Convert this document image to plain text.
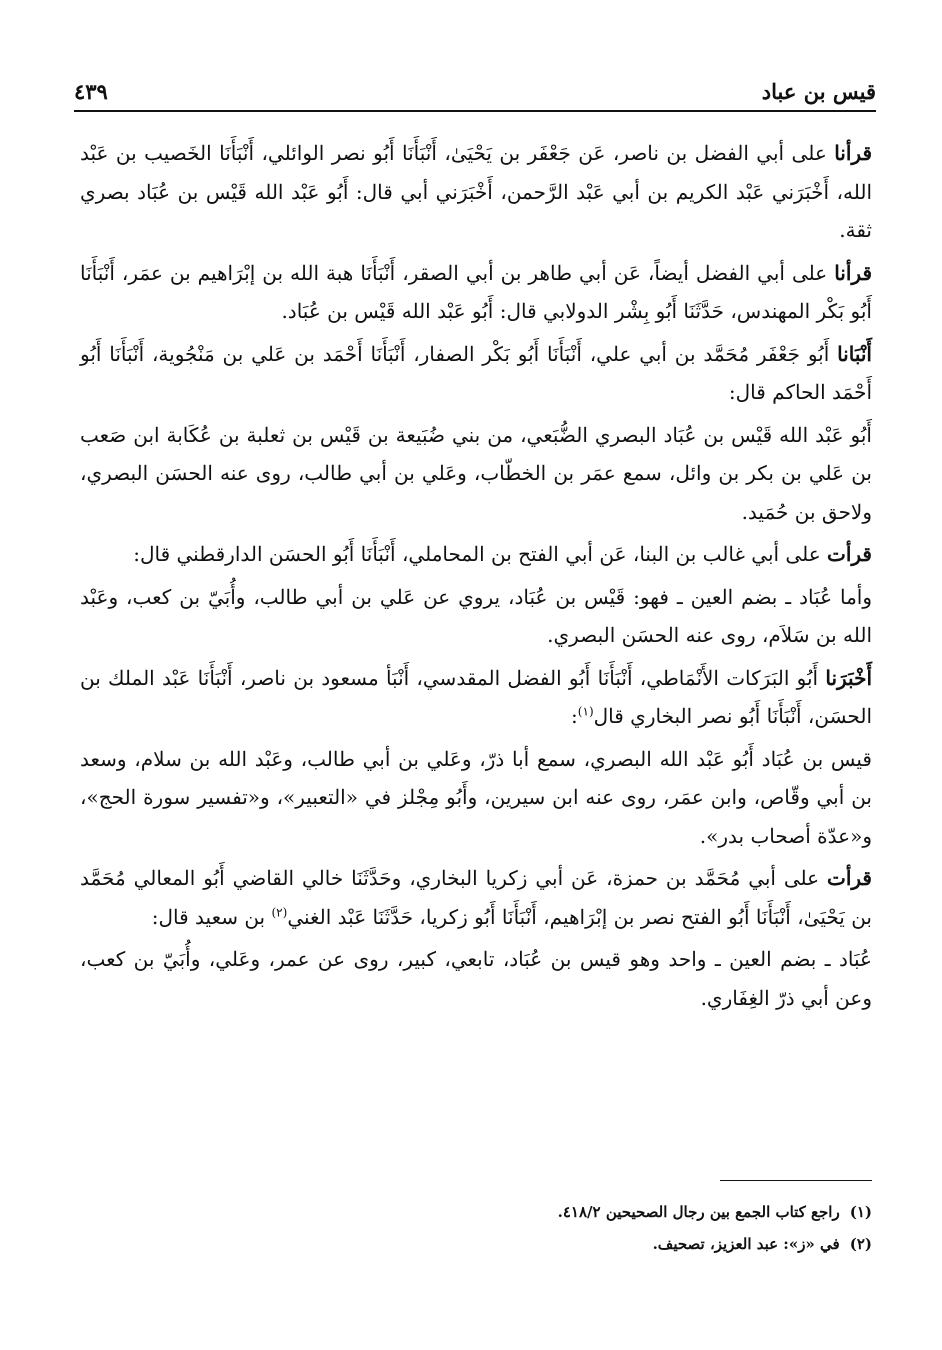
قيس بن عباد
٤٣٩

قرأنا على أبي الفضل بن ناصر، عَن جَعْفَر بن يَحْيَىٰ، أَنْبَأَنَا أَبُو نصر الوائلي، أَنْبَأَنَا الخَصيب بن عَبْد الله، أَخْبَرَني عَبْد الكريم بن أبي عَبْد الرَّحمن، أَخْبَرَني أبي قال: أَبُو عَبْد الله قَيْس بن عُبَاد بصري ثقة.

قرأنا على أبي الفضل أيضاً، عَن أبي طاهر بن أبي الصقر، أَنْبَأَنَا هبة الله بن إبْرَاهيم بن عمَر، أَنْبَأَنَا أَبُو بَكْر المهندس، حَدَّثَنَا أَبُو بِشْر الدولابي قال: أَبُو عَبْد الله قَيْس بن عُبَاد.

أَنْبَانا أَبُو جَعْفَر مُحَمَّد بن أبي علي، أَنْبَأَنَا أَبُو بَكْر الصفار، أَنْبَأَنَا أَحْمَد بن عَلي بن مَنْجُوية، أَنْبَأَنَا أَبُو أَحْمَد الحاكم قال:

أَبُو عَبْد الله قَيْس بن عُبَاد البصري الضُّبَعي، من بني ضُبَيعة بن قَيْس بن ثعلبة بن عُكَابة ابن صَعب بن عَلي بن بكر بن وائل، سمع عمَر بن الخطّاب، وعَلي بن أبي طالب، روى عنه الحسَن البصري، ولاحق بن حُمَيد.

قرأت على أبي غالب بن البنا، عَن أبي الفتح بن المحاملي، أَنْبَأَنَا أَبُو الحسَن الدارقطني قال:

وأما عُبَاد ـ بضم العين ـ فهو: قَيْس بن عُبَاد، يروي عن عَلي بن أبي طالب، وأُبَيّ بن كعب، وعَبْد الله بن سَلاَم، روى عنه الحسَن البصري.

أَخْبَرَنا أَبُو البَرَكات الأَنْمَاطي، أَنْبَأَنَا أَبُو الفضل المقدسي، أَنْبَأ مسعود بن ناصر، أَنْبَأَنَا عَبْد الملك بن الحسَن، أَنْبَأَنَا أَبُو نصر البخاري قال$^{(١)}$:

قيس بن عُبَاد أَبُو عَبْد الله البصري، سمع أبا ذرّ، وعَلي بن أبي طالب، وعَبْد الله بن سلام، وسعد بن أبي وقّاص، وابن عمَر، روى عنه ابن سيرين، وأَبُو مِجْلز في «التعبير»، و«تفسير سورة الحج»، و«عدّة أصحاب بدر».

قرأت على أبي مُحَمَّد بن حمزة، عَن أبي زكريا البخاري، وحَدَّثَنَا خالي القاضي أَبُو المعالي مُحَمَّد بن يَحْيَىٰ، أَنْبَأَنَا أَبُو الفتح نصر بن إبْرَاهيم، أَنْبَأَنَا أَبُو زكريا، حَدَّثَنَا عَبْد الغني$^{(٢)}$ بن سعيد قال:

عُبَاد ـ بضم العين ـ واحد وهو قيس بن عُبَاد، تابعي، كبير، روى عن عمر، وعَلي، وأُبَيّ بن كعب، وعن أبي ذرّ الغِفَاري.

(١)
راجع كتاب الجمع بين رجال الصحيحين ٤١٨/٢.

(٢)
في «ز»: عبد العزيز، تصحيف.
